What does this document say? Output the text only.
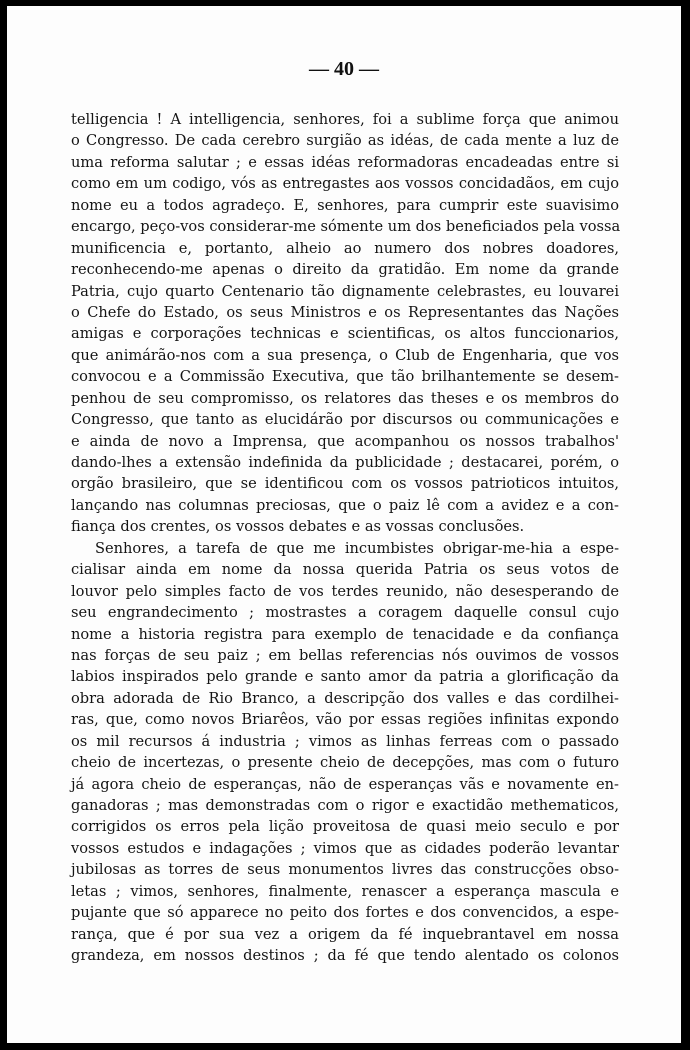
— 40 —
telligencia ! A intelligencia, senhores, foi a sublime força que animou
o Congresso. De cada cerebro surgião as idéas, de cada mente a luz de
uma reforma salutar ; e essas idéas reformadoras encadeadas entre si
como em um codigo, vós as entregastes aos vossos concidadãos, em cujo
nome eu a todos agradeço. E, senhores, para cumprir este suavisimo
encargo, peço-vos considerar-me sómente um dos beneficiados pela vossa
munificencia e, portanto, alheio ao numero dos nobres doadores,
reconhecendo-me apenas o direito da gratidão. Em nome da grande
Patria, cujo quarto Centenario tão dignamente celebrastes, eu louvarei
o Chefe do Estado, os seus Ministros e os Representantes das Nações
amigas e corporações technicas e scientificas, os altos funccionarios,
que animárão-nos com a sua presença, o Club de Engenharia, que vos
convocou e a Commissão Executiva, que tão brilhantemente se desem-
penhou de seu compromisso, os relatores das theses e os membros do
Congresso, que tanto as elucidárão por discursos ou communicações e
e ainda de novo a Imprensa, que acompanhou os nossos trabalhos'
dando-lhes a extensão indefinida da publicidade ; destacarei, porém, o
orgão brasileiro, que se identificou com os vossos patrioticos intuitos,
lançando nas columnas preciosas, que o paiz lê com a avidez e a con-
fiança dos crentes, os vossos debates e as vossas conclusões.
Senhores, a tarefa de que me incumbistes obrigar-me-hia a espe-
cialisar ainda em nome da nossa querida Patria os seus votos de
louvor pelo simples facto de vos terdes reunido, não desesperando de
seu engrandecimento ; mostrastes a coragem daquelle consul cujo
nome a historia registra para exemplo de tenacidade e da confiança
nas forças de seu paiz ; em bellas referencias nós ouvimos de vossos
labios inspirados pelo grande e santo amor da patria a glorificação da
obra adorada de Rio Branco, a descripção dos valles e das cordilhei-
ras, que, como novos Briarêos, vão por essas regiões infinitas expondo
os mil recursos á industria ; vimos as linhas ferreas com o passado
cheio de incertezas, o presente cheio de decepções, mas com o futuro
já agora cheio de esperanças, não de esperanças vãs e novamente en-
ganadoras ; mas demonstradas com o rigor e exactidão methematicos,
corrigidos os erros pela lição proveitosa de quasi meio seculo e por
vossos estudos e indagações ; vimos que as cidades poderão levantar
jubilosas as torres de seus monumentos livres das construcções obso-
letas ; vimos, senhores, finalmente, renascer a esperança mascula e
pujante que só apparece no peito dos fortes e dos convencidos, a espe-
rança, que é por sua vez a origem da fé inquebrantavel em nossa
grandeza, em nossos destinos ; da fé que tendo alentado os colonos
